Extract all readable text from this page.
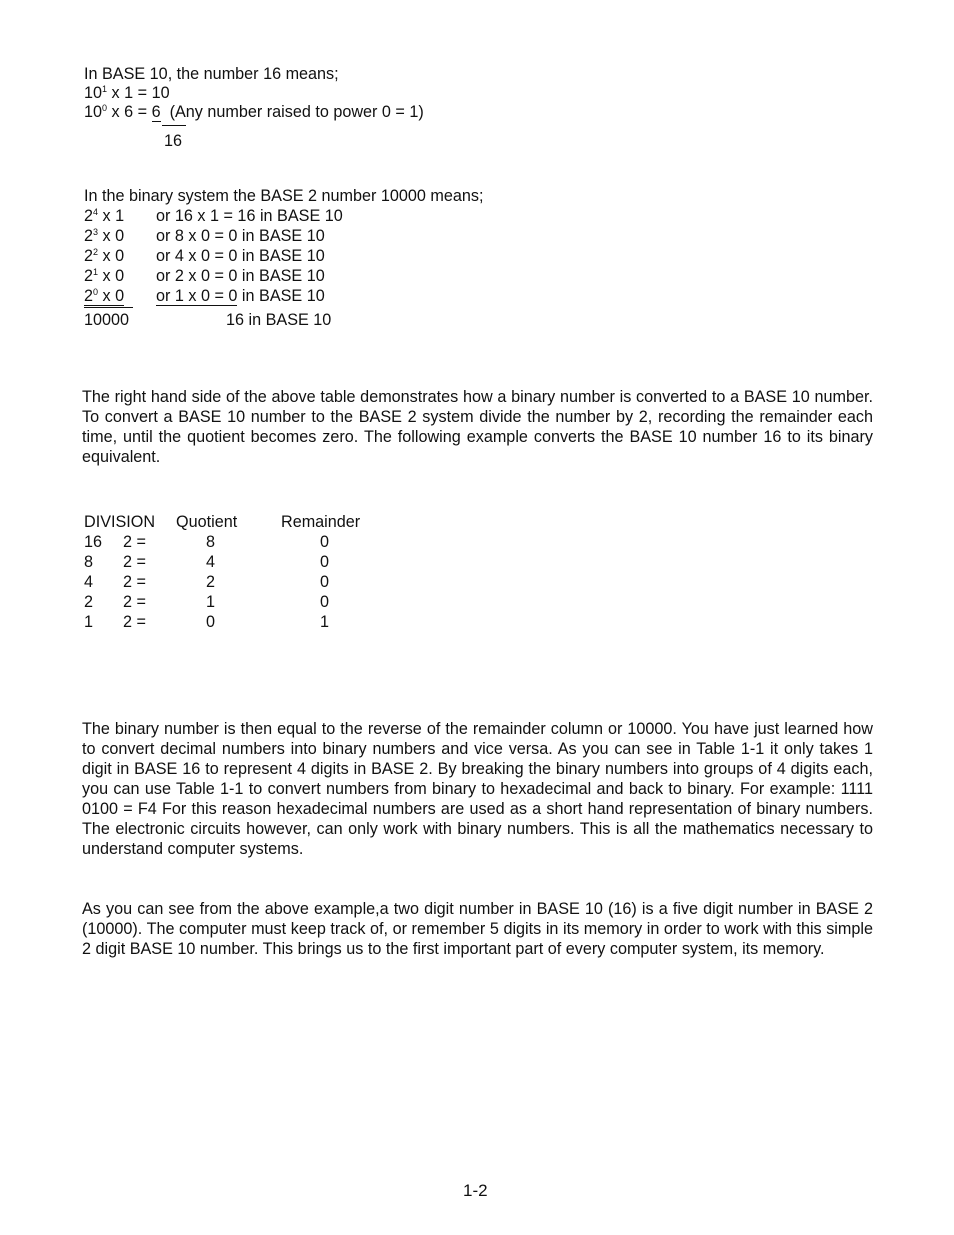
In BASE 10, the number 16 means;
$10^1$ x 1 = 10
$10^0$ x 6 = 6 (Any number raised to power 0 = 1)
16
In the binary system the BASE 2 number 10000 means;
$2^4$ x 1 or 16 x 1 = 16 in BASE 10
$2^3$ x 0 or 8 x 0 = 0 in BASE 10
$2^2$ x 0 or 4 x 0 = 0 in BASE 10
$2^1$ x 0 or 2 x 0 = 0 in BASE 10
$2^0$ x 0 or 1 x 0 = 0 in BASE 10
10000	16 in BASE 10
The right hand side of the above table demonstrates how a binary number is converted to a BASE 10 number. To convert a BASE 10 number to the BASE 2 system divide the number by 2, recording the remainder each time, until the quotient becomes zero. The following example converts the BASE 10 number 16 to its binary equivalent.
DIVISION Quotient	Remainder
16 2 =	8	0
8 2 =	4	0
4 2 =	2	0
2 2 =	1	0
1 2 =	0	1
The binary number is then equal to the reverse of the remainder column or 10000. You have just learned how to convert decimal numbers into binary numbers and vice versa. As you can see in Table 1-1 it only takes 1 digit in BASE 16 to represent 4 digits in BASE 2. By breaking the binary numbers into groups of 4 digits each, you can use Table 1-1 to convert numbers from binary to hexadecimal and back to binary. For example: 1111 0100 = F4 For this reason hexadecimal numbers are used as a short hand representation of binary numbers. The electronic circuits however, can only work with binary numbers. This is all the mathematics necessary to understand computer systems.
As you can see from the above example,a two digit number in BASE 10 (16) is a five digit number in BASE 2 (10000). The computer must keep track of, or remember 5 digits in its memory in order to work with this simple 2 digit BASE 10 number. This brings us to the first important part of every computer system, its memory.
1-2
